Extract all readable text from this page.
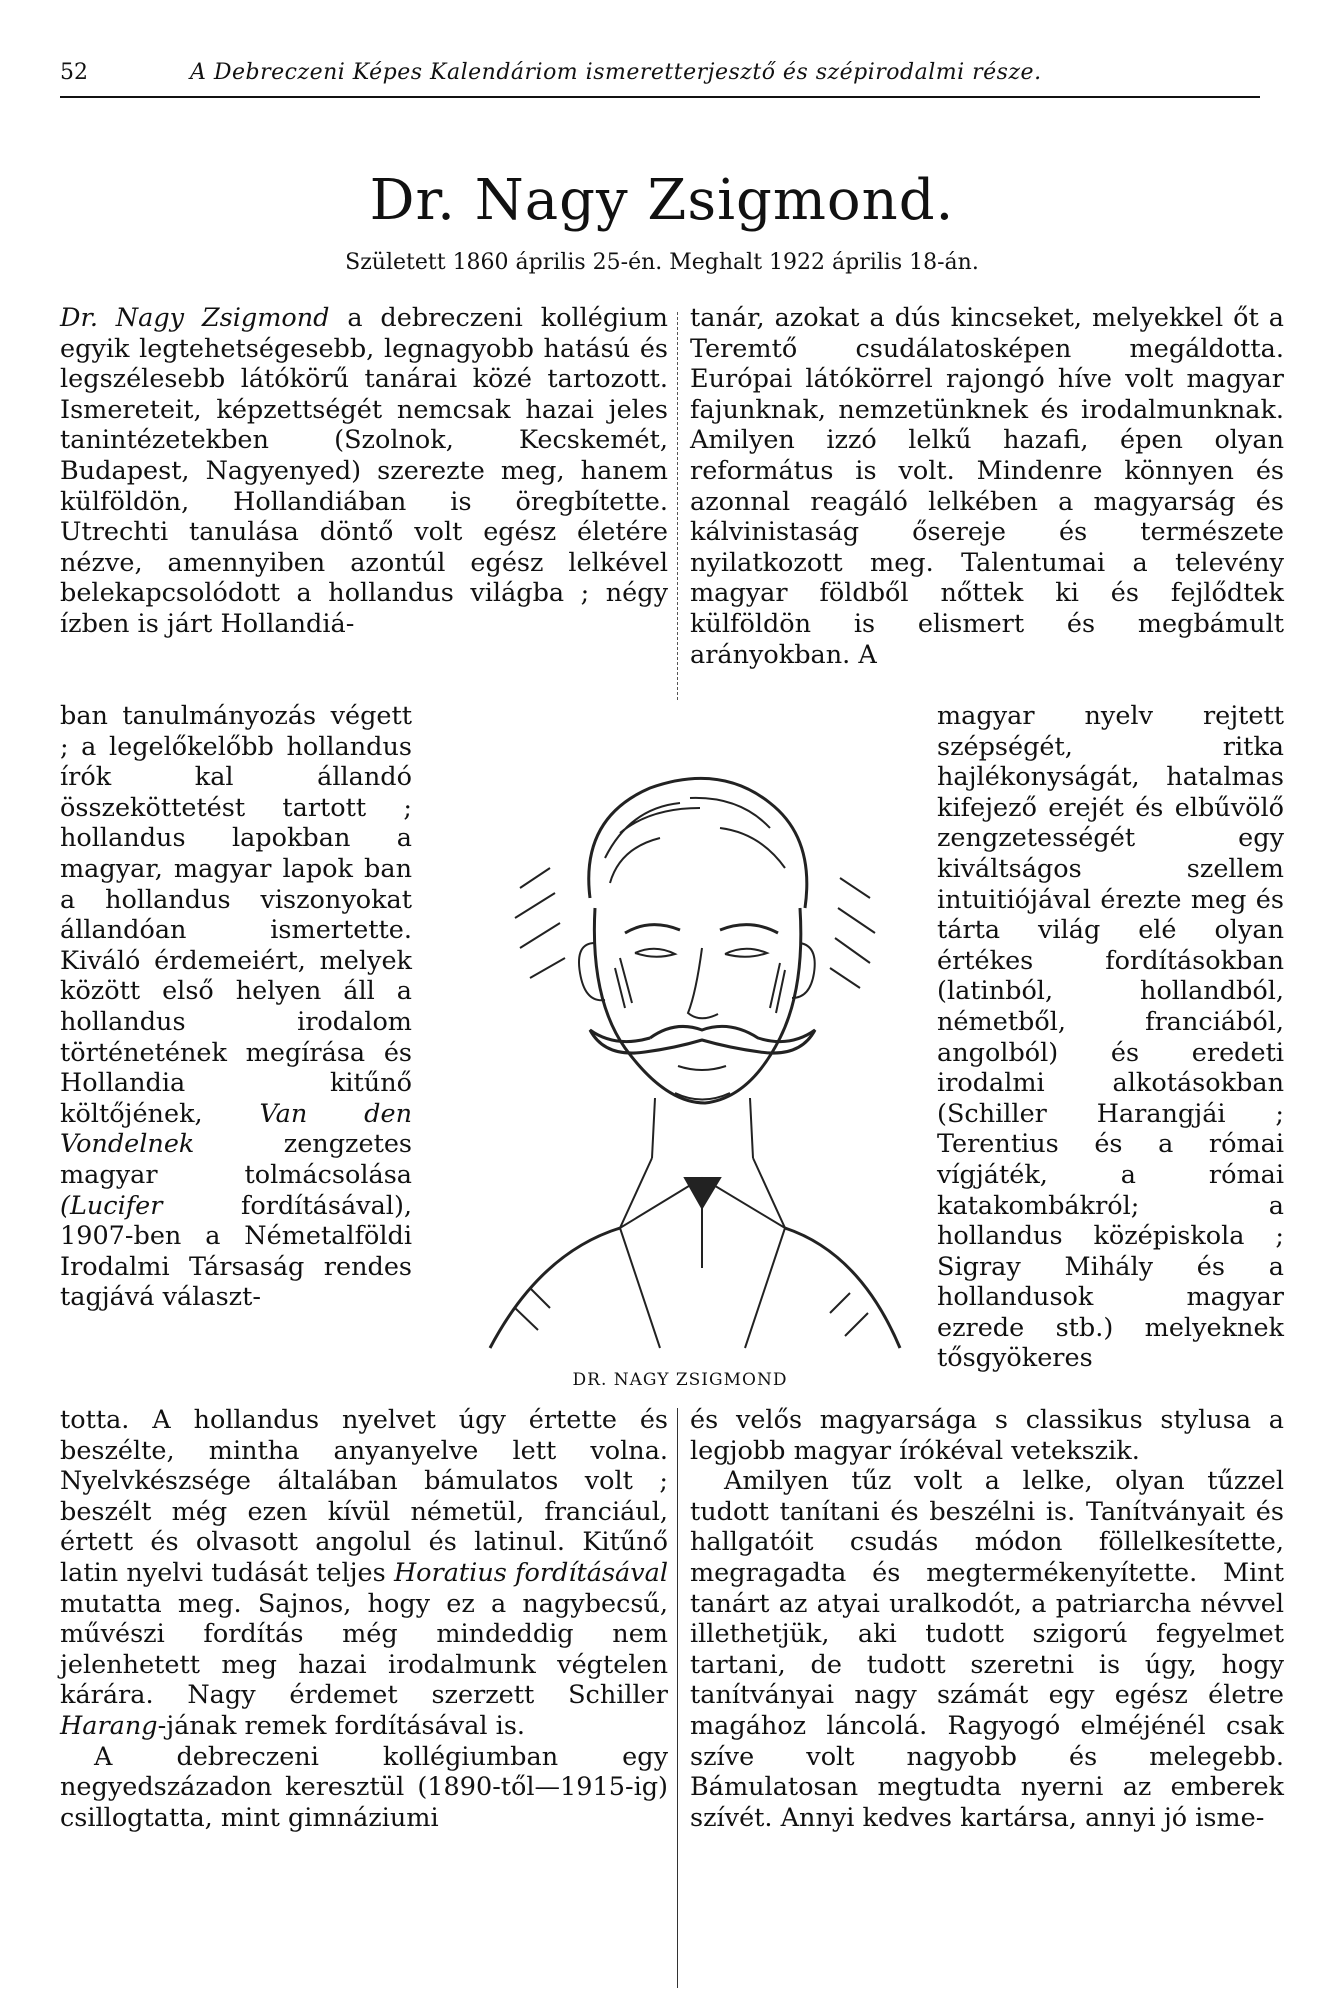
52	A Debreczeni Képes Kalendáriom ismeretterjesztő és szépirodalmi része.
Dr. Nagy Zsigmond.
Született 1860 április 25-én. Meghalt 1922 április 18-án.

Dr. Nagy Zsigmond a debreczeni kollégium egyik legtehetségesebb, legnagyobb hatású és legszélesebb látókörű tanárai közé tartozott. Ismereteit, képzettségét nemcsak hazai jeles tanintézetekben (Szolnok, Kecskemét, Budapest, Nagyenyed) szerezte meg, hanem külföldön, Hollandiában is öregbítette. Utrechti tanulása döntő volt egész életére nézve, amennyiben azontúl egész lelkével belekapcsolódott a hollandus világba ; négy ízben is járt Hollandiá-

ban tanulmányozás végett ; a legelőkelőbb hollandus írók kal állandó összeköttetést tartott ; hollandus lapokban a magyar, magyar lapok ban a hollandus viszonyokat állandóan ismertette. Kiváló érdemeiért, melyek között első helyen áll a hollandus irodalom történetének megírása és Hollandia kitűnő költőjének, Van den Vondelnek zengzetes magyar tolmácsolása (Lucifer fordításával), 1907-ben a Németalföldi Irodalmi Társaság rendes tagjává választ-

totta. A hollandus nyelvet úgy értette és beszélte, mintha anyanyelve lett volna. Nyelvkészsége általában bámulatos volt ; beszélt még ezen kívül németül, franciául, értett és olvasott angolul és latinul. Kitűnő latin nyelvi tudását teljes Horatius fordításával mutatta meg. Sajnos, hogy ez a nagybecsű, művészi fordítás még mindeddig nem jelenhetett meg hazai irodalmunk végtelen kárára. Nagy érdemet szerzett Schiller Harang-jának remek fordításával is.

A debreczeni kollégiumban egy negyedszázadon keresztül (1890-től—1915-ig) csillogtatta, mint gimnáziumi

tanár, azokat a dús kincseket, melyekkel őt a Teremtő csudálatosképen megáldotta. Európai látókörrel rajongó híve volt magyar fajunknak, nemzetünknek és irodalmunknak. Amilyen izzó lelkű hazafi, épen olyan református is volt. Mindenre könnyen és azonnal reagáló lelkében a magyarság és kálvinistaság ősereje és természete nyilatkozott meg. Talentumai a televény magyar földből nőttek ki és fejlődtek külföldön is elismert és megbámult arányokban. A

magyar nyelv rejtett szépségét, ritka hajlékonyságát, hatalmas kifejező erejét és elbűvölő zengzetességét egy kiváltságos szellem intuitiójával érezte meg és tárta világ elé olyan értékes fordításokban (latinból, hollandból, németből, franciából, angolból) és eredeti irodalmi alkotásokban (Schiller Harangjái ; Terentius és a római vígjáték, a római katakombákról; a hollandus középiskola ; Sigray Mihály és a hollandusok magyar ezrede stb.) melyeknek tősgyökeres

és velős magyarsága s classikus stylusa a legjobb magyar írókéval vetekszik.

Amilyen tűz volt a lelke, olyan tűzzel tudott tanítani és beszélni is. Tanítványait és hallgatóit csudás módon föllelkesítette, megragadta és megtermékenyítette. Mint tanárt az atyai uralkodót, a patriarcha névvel illethetjük, aki tudott szigorú fegyelmet tartani, de tudott szeretni is úgy, hogy tanítványai nagy számát egy egész életre magához láncolá. Ragyogó elméjénél csak szíve volt nagyobb és melegebb. Bámulatosan megtudta nyerni az emberek szívét. Annyi kedves kartársa, annyi jó isme-

DR. NAGY ZSIGMOND
